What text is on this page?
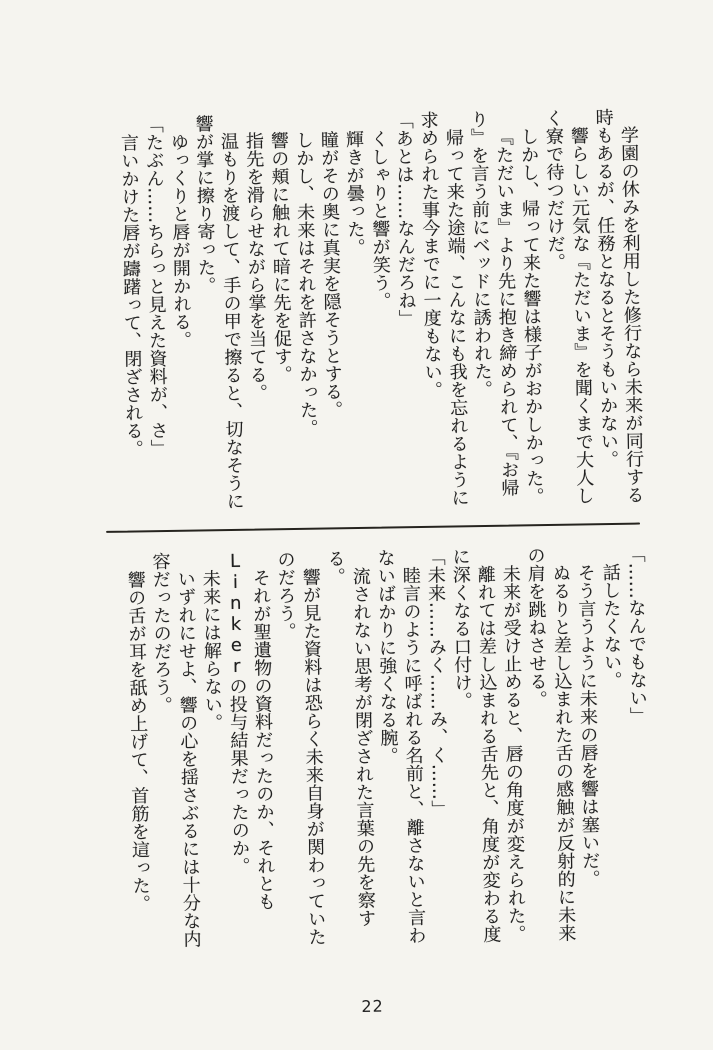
学園の休みを利用した修行なら未来が同行する時もあるが、任務となるとそうもいかない。

響らしい元気な『ただいま』を聞くまで大人しく寮で待つだけだ。

しかし、帰って来た響は様子がおかしかった。

『ただいま』より先に抱き締められて、『お帰り』を言う前にベッドに誘われた。

帰って来た途端、こんなにも我を忘れるように求められた事今までに一度もない。

「あとは……なんだろね」

くしゃりと響が笑う。

輝きが曇った。

瞳がその奥に真実を隠そうとする。

しかし、未来はそれを許さなかった。

響の頬に触れて暗に先を促す。

指先を滑らせながら掌を当てる。

温もりを渡して、手の甲で擦ると、切なそうに響が掌に擦り寄った。

ゆっくりと唇が開かれる。

「たぶん……ちらっと見えた資料が、さ」

言いかけた唇が躊躇って、閉ざされる。

「……なんでもない」

話したくない。

そう言うように未来の唇を響は塞いだ。

ぬるりと差し込まれた舌の感触が反射的に未来の肩を跳ねさせる。

未来が受け止めると、唇の角度が変えられた。

離れては差し込まれる舌先と、角度が変わる度に深くなる口付け。

「未来……みく……み、く……」

睦言のように呼ばれる名前と、離さないと言わないばかりに強くなる腕。

流されない思考が閉ざされた言葉の先を察する。

響が見た資料は恐らく未来自身が関わっていたのだろう。

それが聖遺物の資料だったのか、それともLinkerの投与結果だったのか。

未来には解らない。

いずれにせよ、響の心を揺さぶるには十分な内容だったのだろう。

響の舌が耳を舐め上げて、首筋を這った。

22
